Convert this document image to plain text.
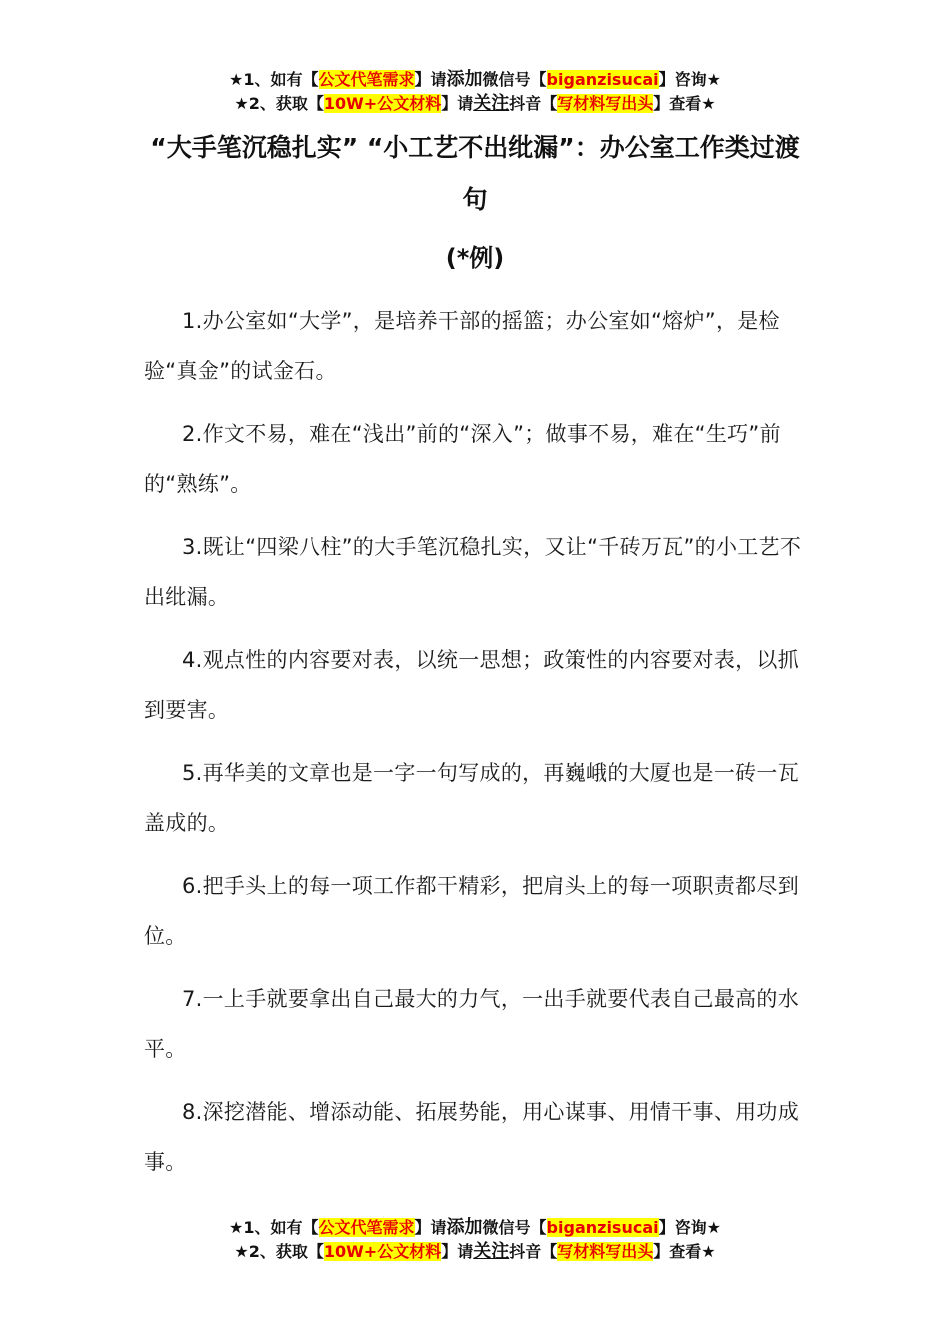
★1、如有【公文代笔需求】请添加微信号【biganzisucai】咨询★
★2、获取【10W+公文材料】请关注抖音【写材料写出头】查看★
“大手笔沉稳扎实” “小工艺不出纰漏”：办公室工作类过渡句
(*例)

1.办公室如“大学”，是培养干部的摇篮；办公室如“熔炉”，是检验“真金”的试金石。

2.作文不易，难在“浅出”前的“深入”；做事不易，难在“生巧”前的“熟练”。

3.既让“四梁八柱”的大手笔沉稳扎实，又让“千砖万瓦”的小工艺不出纰漏。

4.观点性的内容要对表，以统一思想；政策性的内容要对表，以抓到要害。

5.再华美的文章也是一字一句写成的，再巍峨的大厦也是一砖一瓦盖成的。

6.把手头上的每一项工作都干精彩，把肩头上的每一项职责都尽到位。

7.一上手就要拿出自己最大的力气，一出手就要代表自己最高的水平。

8.深挖潜能、增添动能、拓展势能，用心谋事、用情干事、用功成事。

★1、如有【公文代笔需求】请添加微信号【biganzisucai】咨询★
★2、获取【10W+公文材料】请关注抖音【写材料写出头】查看★
